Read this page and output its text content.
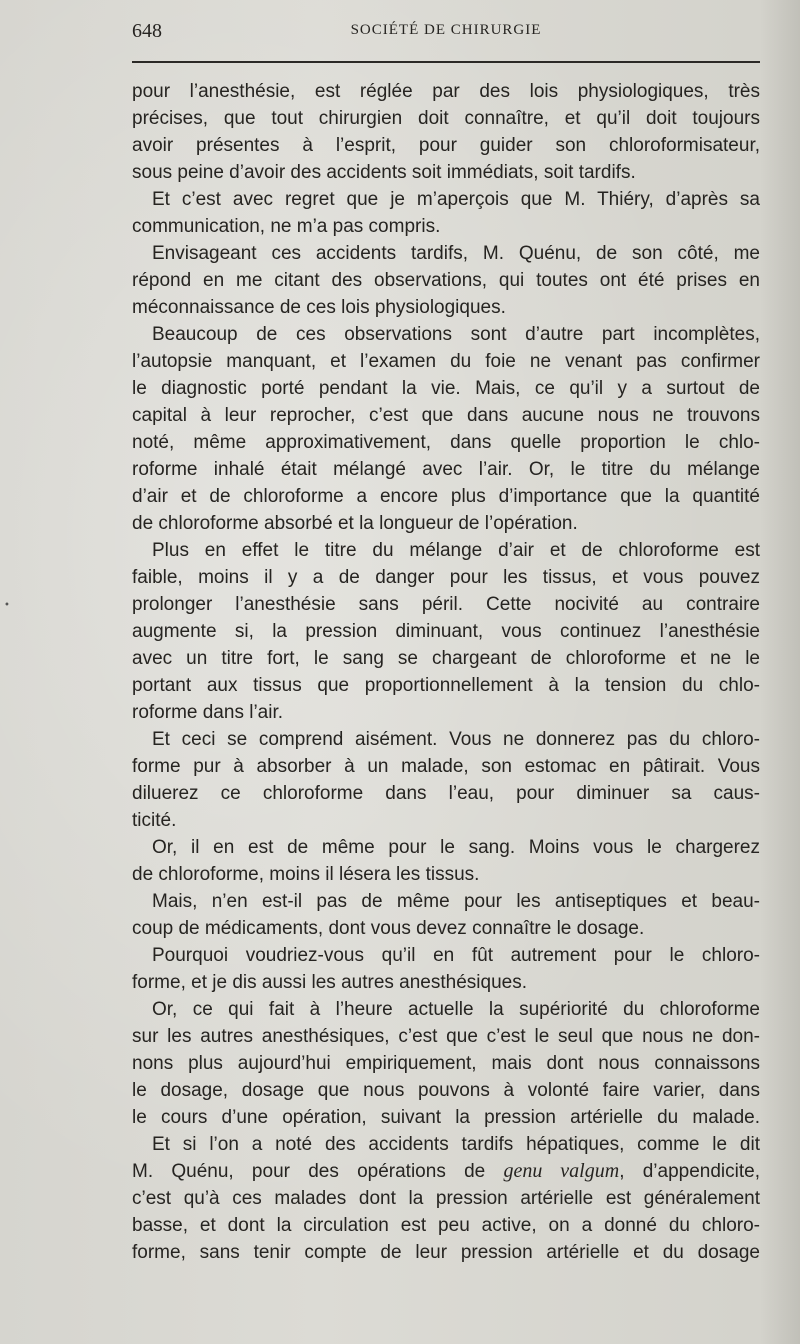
648	SOCIÉTÉ DE CHIRURGIE
pour l’anesthésie, est réglée par des lois physiologiques, très
précises, que tout chirurgien doit connaître, et qu’il doit toujours
avoir présentes à l’esprit, pour guider son chloroformisateur,
sous peine d’avoir des accidents soit immédiats, soit tardifs.
Et c’est avec regret que je m’aperçois que M. Thiéry, d’après sa
communication, ne m’a pas compris.
Envisageant ces accidents tardifs, M. Quénu, de son côté, me
répond en me citant des observations, qui toutes ont été prises en
méconnaissance de ces lois physiologiques.
Beaucoup de ces observations sont d’autre part incomplètes,
l’autopsie manquant, et l’examen du foie ne venant pas confirmer
le diagnostic porté pendant la vie. Mais, ce qu’il y a surtout de
capital à leur reprocher, c’est que dans aucune nous ne trouvons
noté, même approximativement, dans quelle proportion le chlo-
roforme inhalé était mélangé avec l’air. Or, le titre du mélange
d’air et de chloroforme a encore plus d’importance que la quantité
de chloroforme absorbé et la longueur de l’opération.
Plus en effet le titre du mélange d’air et de chloroforme est
faible, moins il y a de danger pour les tissus, et vous pouvez
prolonger l’anesthésie sans péril. Cette nocivité au contraire
augmente si, la pression diminuant, vous continuez l’anesthésie
avec un titre fort, le sang se chargeant de chloroforme et ne le
portant aux tissus que proportionnellement à la tension du chlo-
roforme dans l’air.
Et ceci se comprend aisément. Vous ne donnerez pas du chloro-
forme pur à absorber à un malade, son estomac en pâtirait. Vous
diluerez ce chloroforme dans l’eau, pour diminuer sa caus-
ticité.
Or, il en est de même pour le sang. Moins vous le chargerez
de chloroforme, moins il lésera les tissus.
Mais, n’en est-il pas de même pour les antiseptiques et beau-
coup de médicaments, dont vous devez connaître le dosage.
Pourquoi voudriez-vous qu’il en fût autrement pour le chloro-
forme, et je dis aussi les autres anesthésiques.
Or, ce qui fait à l’heure actuelle la supériorité du chloroforme
sur les autres anesthésiques, c’est que c’est le seul que nous ne don-
nons plus aujourd’hui empiriquement, mais dont nous connaissons
le dosage, dosage que nous pouvons à volonté faire varier, dans
le cours d’une opération, suivant la pression artérielle du malade.
Et si l’on a noté des accidents tardifs hépatiques, comme le dit
M. Quénu, pour des opérations de genu valgum, d’appendicite,
c’est qu’à ces malades dont la pression artérielle est généralement
basse, et dont la circulation est peu active, on a donné du chloro-
forme, sans tenir compte de leur pression artérielle et du dosage
•
